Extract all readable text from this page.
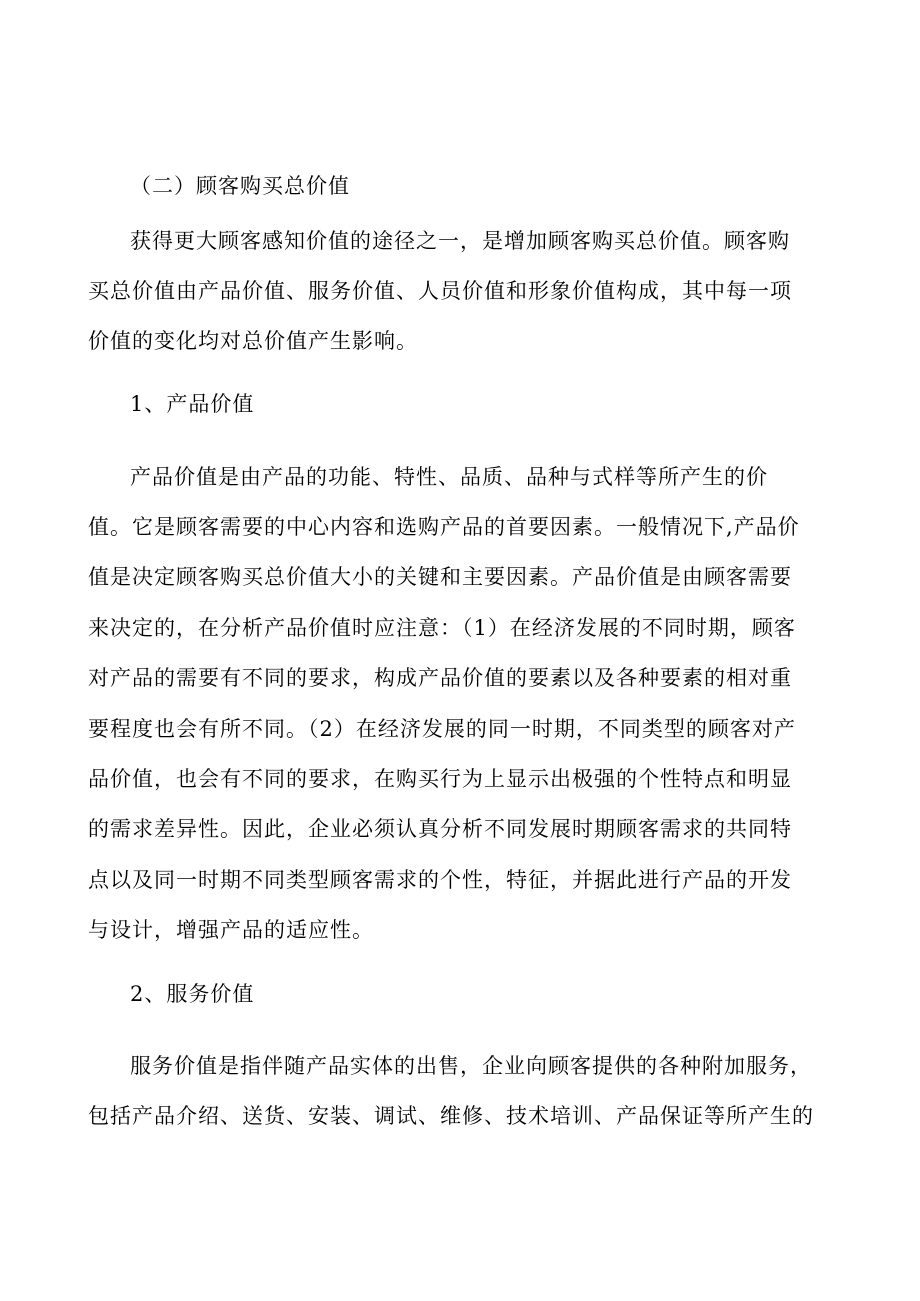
（二）顾客购买总价值
获得更大顾客感知价值的途径之一，是增加顾客购买总价值。顾客购
买总价值由产品价值、服务价值、人员价值和形象价值构成，其中每一项
价值的变化均对总价值产生影响。
1、产品价值
产品价值是由产品的功能、特性、品质、品种与式样等所产生的价
值。它是顾客需要的中心内容和选购产品的首要因素。一般情况下,产品价
值是决定顾客购买总价值大小的关键和主要因素。产品价值是由顾客需要
来决定的，在分析产品价值时应注意：（1）在经济发展的不同时期，顾客
对产品的需要有不同的要求，构成产品价值的要素以及各种要素的相对重
要程度也会有所不同。（2）在经济发展的同一时期，不同类型的顾客对产
品价值，也会有不同的要求，在购买行为上显示出极强的个性特点和明显
的需求差异性。因此，企业必须认真分析不同发展时期顾客需求的共同特
点以及同一时期不同类型顾客需求的个性，特征，并据此进行产品的开发
与设计，增强产品的适应性。
2、服务价值
服务价值是指伴随产品实体的出售，企业向顾客提供的各种附加服务，
包括产品介绍、送货、安装、调试、维修、技术培训、产品保证等所产生的
